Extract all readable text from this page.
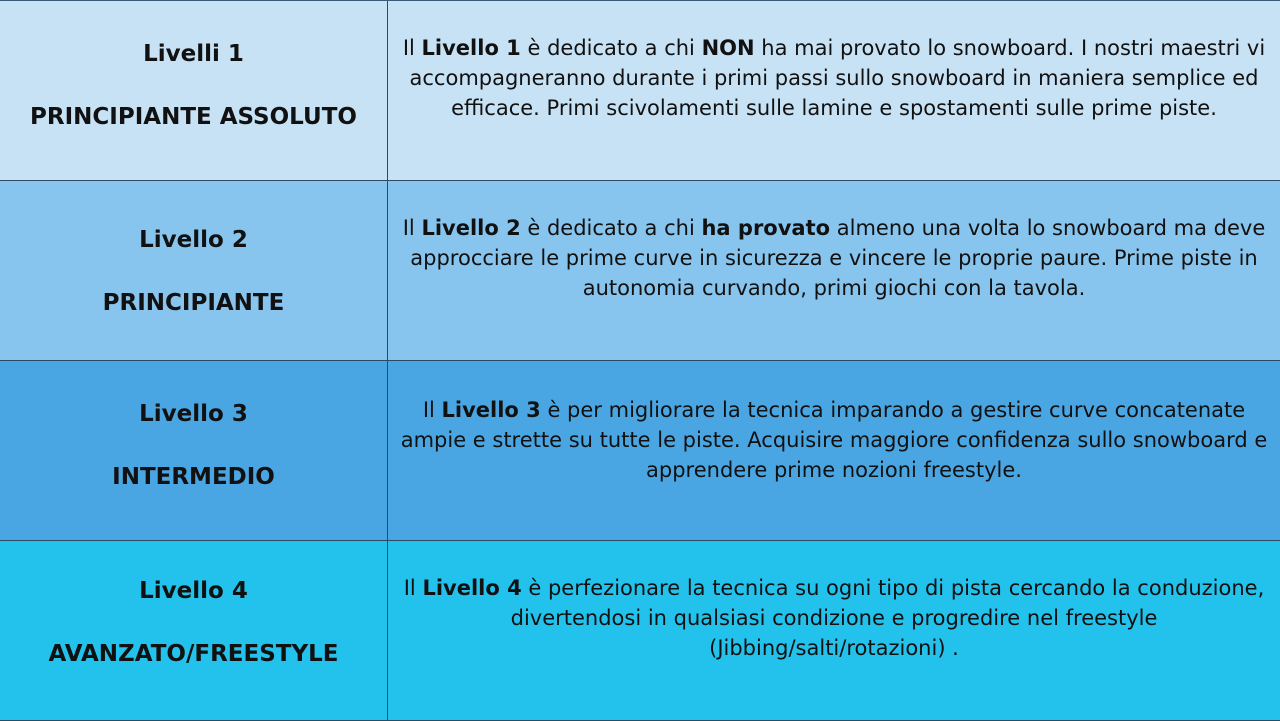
Livelli 1
PRINCIPIANTE ASSOLUTO
Il Livello 1 è dedicato a chi NON ha mai provato lo snowboard. I nostri maestri vi accompagneranno durante i primi passi sullo snowboard in maniera semplice ed efficace. Primi scivolamenti sulle lamine e spostamenti sulle prime piste.
Livello 2
PRINCIPIANTE
Il Livello 2 è dedicato a chi ha provato almeno una volta lo snowboard ma deve approcciare le prime curve in sicurezza e vincere le proprie paure. Prime piste in autonomia curvando, primi giochi con la tavola.
Livello 3
INTERMEDIO
Il Livello 3 è per migliorare la tecnica imparando a gestire curve concatenate ampie e strette su tutte le piste. Acquisire maggiore confidenza sullo snowboard e apprendere prime nozioni freestyle.
Livello 4
AVANZATO/FREESTYLE
Il Livello 4 è perfezionare la tecnica su ogni tipo di pista cercando la conduzione, divertendosi in qualsiasi condizione e progredire nel freestyle (Jibbing/salti/rotazioni) .
